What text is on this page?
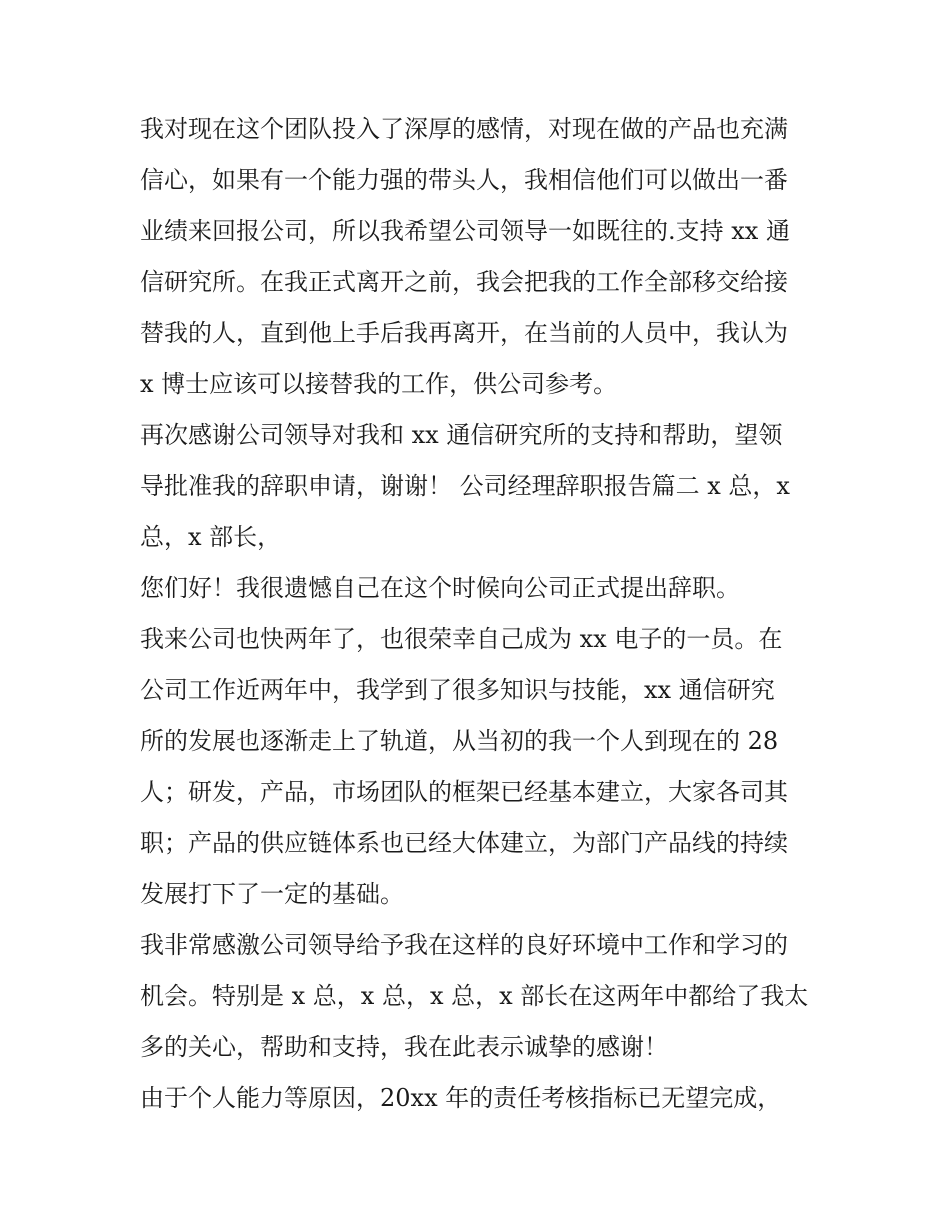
我对现在这个团队投入了深厚的感情，对现在做的产品也充满
信心，如果有一个能力强的带头人，我相信他们可以做出一番
业绩来回报公司，所以我希望公司领导一如既往的.支持 xx 通
信研究所。在我正式离开之前，我会把我的工作全部移交给接
替我的人，直到他上手后我再离开，在当前的人员中，我认为
x 博士应该可以接替我的工作，供公司参考。
再次感谢公司领导对我和 xx 通信研究所的支持和帮助，望领
导批准我的辞职申请，谢谢！ 公司经理辞职报告篇二 x 总，x
总，x 部长，
您们好！我很遗憾自己在这个时候向公司正式提出辞职。
我来公司也快两年了，也很荣幸自己成为 xx 电子的一员。在
公司工作近两年中，我学到了很多知识与技能，xx 通信研究
所的发展也逐渐走上了轨道，从当初的我一个人到现在的 28
人；研发，产品，市场团队的框架已经基本建立，大家各司其
职；产品的供应链体系也已经大体建立，为部门产品线的持续
发展打下了一定的基础。
我非常感激公司领导给予我在这样的良好环境中工作和学习的
机会。特别是 x 总，x 总，x 总，x 部长在这两年中都给了我太
多的关心，帮助和支持，我在此表示诚挚的感谢！
由于个人能力等原因，20xx 年的责任考核指标已无望完成，
